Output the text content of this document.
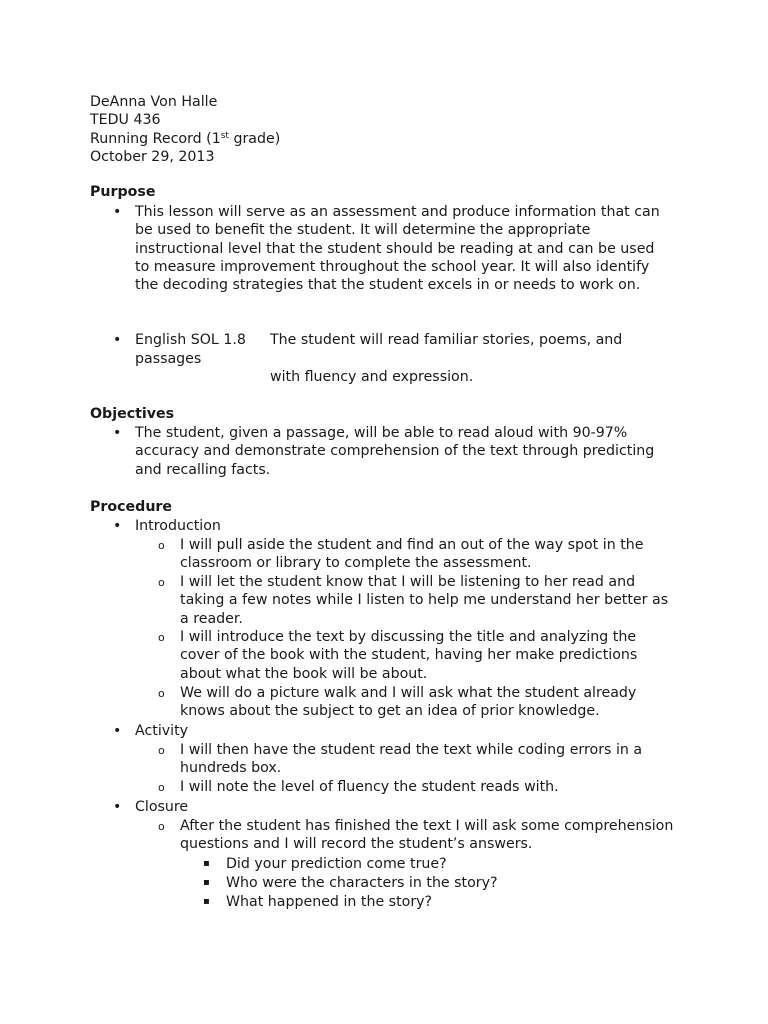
DeAnna Von Halle
TEDU 436
Running Record (1st grade)
October 29, 2013
Purpose
• This lesson will serve as an assessment and produce information that can be used to benefit the student. It will determine the appropriate instructional level that the student should be reading at and can be used to measure improvement throughout the school year. It will also identify the decoding strategies that the student excels in or needs to work on.
• English SOL 1.8 The student will read familiar stories, poems, and
passages
with fluency and expression.
Objectives
• The student, given a passage, will be able to read aloud with 90-97% accuracy and demonstrate comprehension of the text through predicting and recalling facts.
Procedure
• Introduction
o I will pull aside the student and find an out of the way spot in the classroom or library to complete the assessment.
o I will let the student know that I will be listening to her read and taking a few notes while I listen to help me understand her better as a reader.
o I will introduce the text by discussing the title and analyzing the cover of the book with the student, having her make predictions about what the book will be about.
o We will do a picture walk and I will ask what the student already knows about the subject to get an idea of prior knowledge.
• Activity
o I will then have the student read the text while coding errors in a hundreds box.
o I will note the level of fluency the student reads with.
• Closure
o After the student has finished the text I will ask some comprehension questions and I will record the student’s answers.
▪ Did your prediction come true?
▪ Who were the characters in the story?
▪ What happened in the story?
